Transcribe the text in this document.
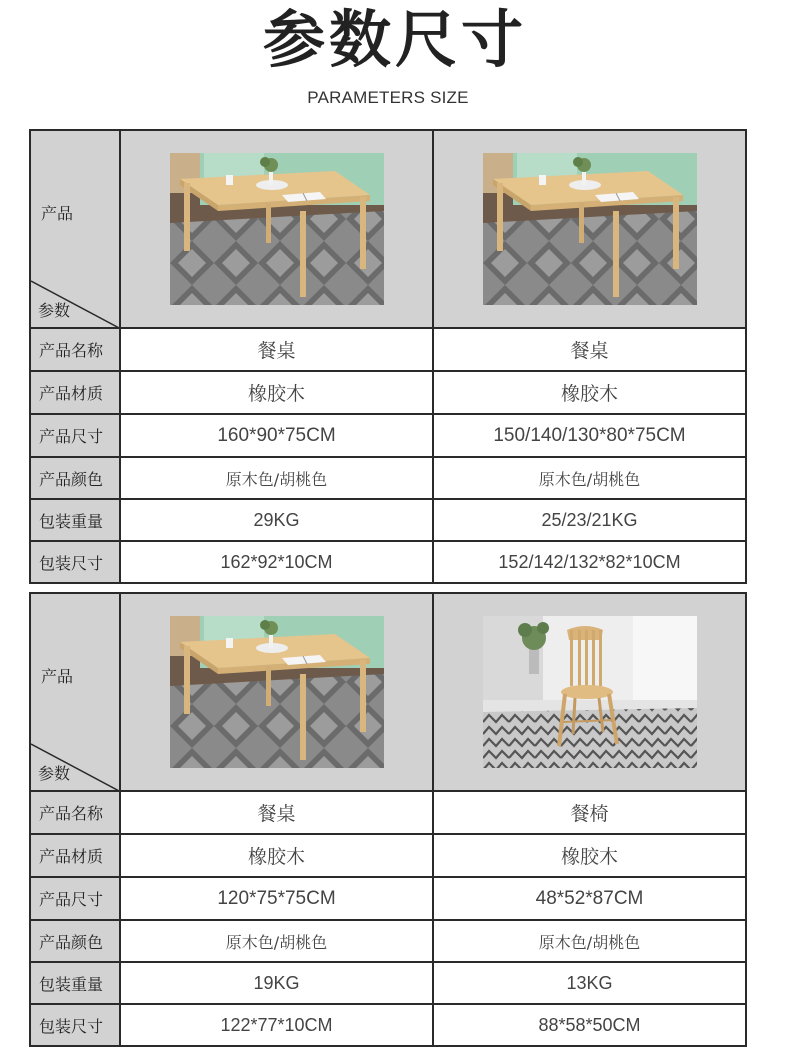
参数尺寸
PARAMETERS SIZE
产品
参数

产品名称	餐桌	餐桌
产品材质	橡胶木	橡胶木
产品尺寸	160*90*75CM	150/140/130*80*75CM
产品颜色	原木色/胡桃色	原木色/胡桃色
包装重量	29KG	25/23/21KG
包装尺寸	162*92*10CM	152/142/132*82*10CM
产品
参数

产品名称	餐桌	餐椅
产品材质	橡胶木	橡胶木
产品尺寸	120*75*75CM	48*52*87CM
产品颜色	原木色/胡桃色	原木色/胡桃色
包装重量	19KG	13KG
包装尺寸	122*77*10CM	88*58*50CM
